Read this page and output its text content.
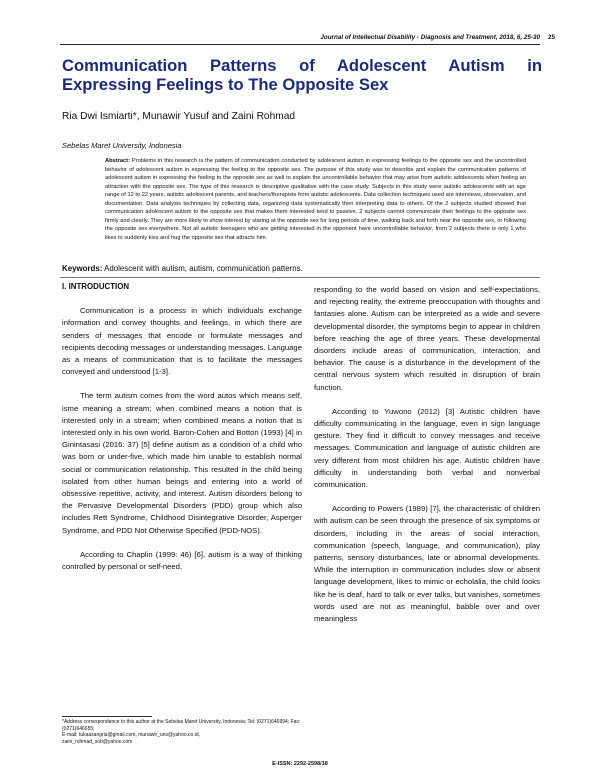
Journal of Intellectual Disability - Diagnosis and Treatment, 2018, 6, 25-30 25
Communication Patterns of Adolescent Autism in Expressing Feelings to The Opposite Sex
Ria Dwi Ismiarti*, Munawir Yusuf and Zaini Rohmad
Sebelas Maret University, Indonesia
Abstract: Problems in this research is the pattern of communication conducted by adolescent autism in expressing feelings to the opposite sex and the uncontrolled behavior of adolescent autism in expressing the feeling to the opposite sex. The purpose of this study was to describe and explain the communication patterns of adolescent autism in expressing the feeling to the opposite sex as well to explain the uncontrollable behavior that may arise from autistic adolescents when feeling an attraction with the opposite sex. The type of this research is descriptive qualitative with the case study. Subjects in this study were autistic adolescents with an age range of 12 to 22 years, autistic adolescent parents, and teachers/therapists from autistic adolescents. Data collection techniques used are interviews, observation, and documentation. Data analysis techniques by collecting data, organizing data systematically then interpreting data to others. Of the 2 subjects studied showed that communication adolescent autism to the opposite sex that makes them interested tend to passive, 2 subjects cannot communicate their feelings to the opposite sex firmly and clearly. They are more likely to show interest by staring at the opposite sex for long periods of time, walking back and forth near the opposite sex, or following the opposite sex everywhere. Not all autistic teenagers who are getting interested in the opponent have uncontrollable behavior, from 2 subjects there is only 1 who likes to suddenly kiss and hug the opposite sex that attracts him.
Keywords: Adolescent with autism, autism, communication patterns.

I. INTRODUCTION

Communication is a process in which individuals exchange information and convey thoughts and feelings, in which there are senders of messages that encode or formulate messages and recipients decoding messages or understanding messages. Language as a means of communication that is to facilitate the messages conveyed and understood [1-3].

The term autism comes from the word autos which means self, isme meaning a stream; when combined means a notion that is interested only in a stream; when combined means a notion that is interested only in his own world. Baron-Cohen and Botton (1993) [4] in Ginintasasi (2016: 37) [5] define autism as a condition of a child who was born or under-five, which made him unable to establish normal social or communication relationship. This resulted in the child being isolated from other human beings and entering into a world of obsessive repetitive, activity, and interest. Autism disorders belong to the Pervasive Developmental Disorders (PDD) group which also includes Rett Syndrome, Childhood Disintegrative Disorder, Asperger Syndrome, and PDD Not Otherwise Specified (PDD-NOS).

According to Chaplin (1999: 46) [6], autism is a way of thinking controlled by personal or self-need,

responding to the world based on vision and self-expectations, and rejecting reality, the extreme preoccupation with thoughts and fantasies alone. Autism can be interpreted as a wide and severe developmental disorder, the symptoms begin to appear in children before reaching the age of three years. These developmental disorders include areas of communication, interaction, and behavior. The cause is a disturbance in the development of the central nervous system which resulted in disruption of brain function.

According to Yuwono (2012) [3] Autistic children have difficulty communicating in the language, even in sign language gesture. They find it difficult to convey messages and receive messages. Communication and language of autistic children are very different from most children his age. Autistic children have difficulty in understanding both verbal and nonverbal communication.

According to Powers (1989) [7], the characteristic of children with autism can be seen through the presence of six symptoms or disorders, including in the areas of social interaction, communication (speech, language, and communication), play patterns, sensory disturbances, late or abnormal developments. While the interruption in communication includes slow or absent language development, likes to mimic or echolalia, the child looks like he is deaf, hard to talk or ever talks, but vanishes, sometimes words used are not as meaningful, babble over and over meaningless

*Address correspondence to this author at the Sebelas Maret University, Indonesia; Tel: (0271)646994; Fax: (0271)646655;
E-mail: tukaasangria@gmail.com, munawir_uns@yahoo.co.id,
zaini_rohmad_sob@yahoo.com
E-ISSN: 2292-2598/18
